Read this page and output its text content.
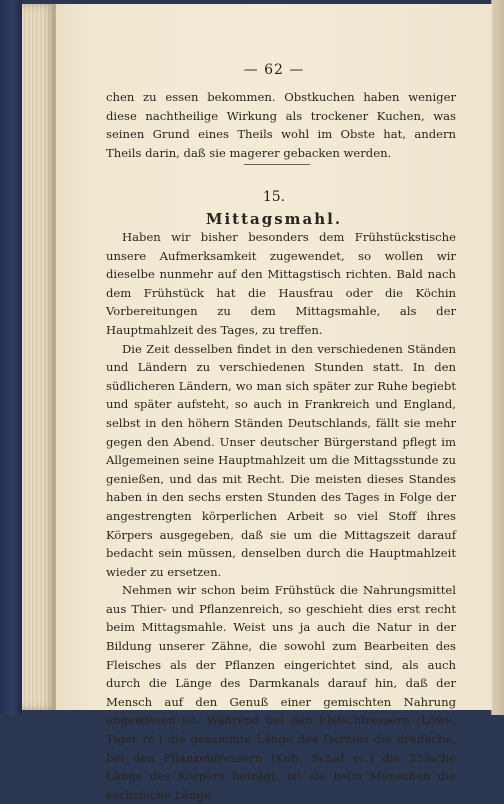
— 62 —

chen zu essen bekommen. Obstkuchen haben weniger diese nachtheilige Wirkung als trockener Kuchen, was seinen Grund eines Theils wohl im Obste hat, andern Theils darin, daß sie magerer gebacken werden.

15.
Mittagsmahl.

Haben wir bisher besonders dem Frühstückstische unsere Aufmerksamkeit zugewendet, so wollen wir dieselbe nunmehr auf den Mittagstisch richten. Bald nach dem Frühstück hat die Hausfrau oder die Köchin Vorbereitungen zu dem Mittagsmahle, als der Hauptmahlzeit des Tages, zu treffen.

Die Zeit desselben findet in den verschiedenen Ständen und Ländern zu verschiedenen Stunden statt. In den südlicheren Ländern, wo man sich später zur Ruhe begiebt und später aufsteht, so auch in Frankreich und England, selbst in den höhern Ständen Deutschlands, fällt sie mehr gegen den Abend. Unser deutscher Bürgerstand pflegt im Allgemeinen seine Hauptmahlzeit um die Mittagsstunde zu genießen, und das mit Recht. Die meisten dieses Standes haben in den sechs ersten Stunden des Tages in Folge der angestrengten körperlichen Arbeit so viel Stoff ihres Körpers ausgegeben, daß sie um die Mittagszeit darauf bedacht sein müssen, denselben durch die Hauptmahlzeit wieder zu ersetzen.

Nehmen wir schon beim Frühstück die Nahrungsmittel aus Thier- und Pflanzenreich, so geschieht dies erst recht beim Mittagsmahle. Weist uns ja auch die Natur in der Bildung unserer Zähne, die sowohl zum Bearbeiten des Fleisches als der Pflanzen eingerichtet sind, als auch durch die Länge des Darmkanals darauf hin, daß der Mensch auf den Genuß einer gemischten Nahrung angewiesen ist. Während bei den Fleischfressern (Löwe, Tiger rc.) die gesammte Länge des Darmes die dreifache, bei den Pflanzenfressern (Kuh, Schaf rc.) die 25fache Länge des Körpers beträgt, ist sie beim Menschen die sechsfache Länge.
